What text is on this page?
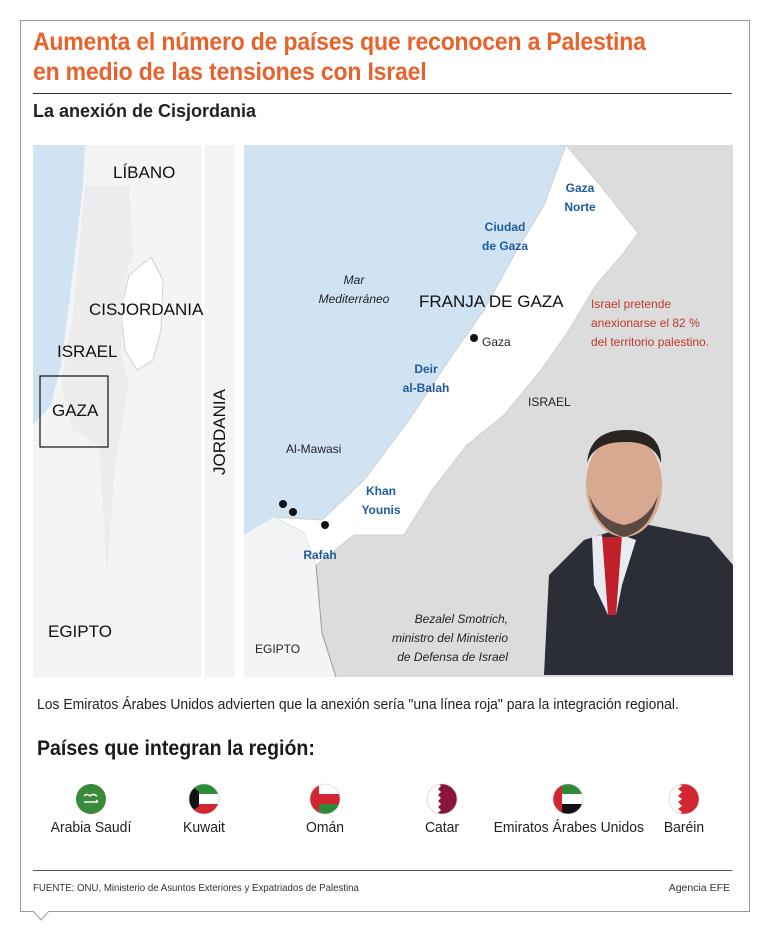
Aumenta el número de países que reconocen a Palestina en medio de las tensiones con Israel
La anexión de Cisjordania
LÍBANO
CISJORDANIA
ISRAEL
GAZA	JORDANIA
EGIPTO
Mar
Mediterráneo FRANJA DE GAZA
Gaza
Norte
Ciudad
de Gaza
Gaza
Deir
al-Balah
ISRAEL
Al-Mawasi
Khan
Younis
Rafah
EGIPTO
Israel pretende
anexionarse el 82 %
del territorio palestino.
Bezalel Smotrich,
ministro del Ministerio
de Defensa de Israel
Los Emiratos Árabes Unidos advierten que la anexión sería "una línea roja" para la integración regional.
Países que integran la región:
Arabia Saudí	Kuwait	Omán	Catar	Emiratos Árabes Unidos	Baréin
FUENTE: ONU, Ministerio de Asuntos Exteriores y Expatriados de Palestina	Agencia EFE
